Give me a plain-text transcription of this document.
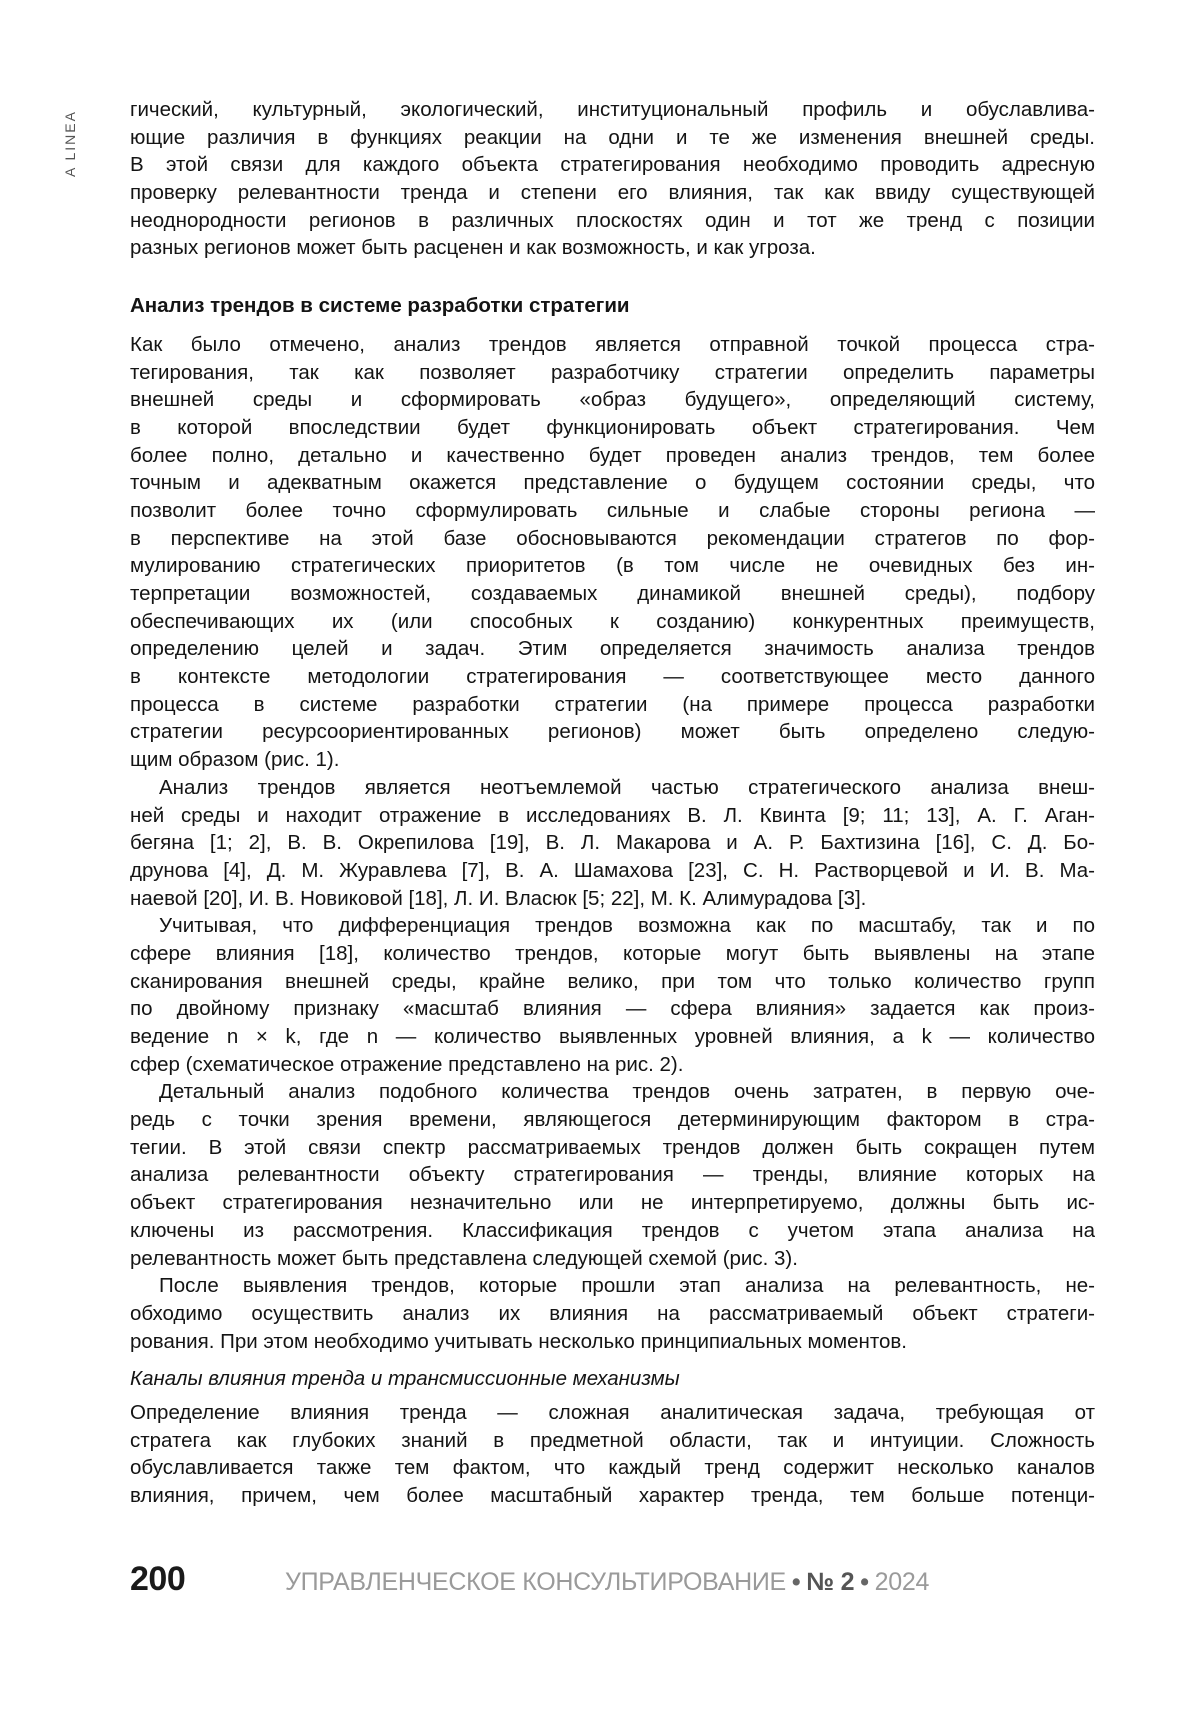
A LINEA
гический, культурный, экологический, институциональный профиль и обуславлива-
ющие различия в функциях реакции на одни и те же изменения внешней среды.
В этой связи для каждого объекта стратегирования необходимо проводить адресную
проверку релевантности тренда и степени его влияния, так как ввиду существующей
неоднородности регионов в различных плоскостях один и тот же тренд с позиции
разных регионов может быть расценен и как возможность, и как угроза.
Анализ трендов в системе разработки стратегии
Как было отмечено, анализ трендов является отправной точкой процесса стра-
тегирования, так как позволяет разработчику стратегии определить параметры
внешней среды и сформировать «образ будущего», определяющий систему,
в которой впоследствии будет функционировать объект стратегирования. Чем
более полно, детально и качественно будет проведен анализ трендов, тем более
точным и адекватным окажется представление о будущем состоянии среды, что
позволит более точно сформулировать сильные и слабые стороны региона —
в перспективе на этой базе обосновываются рекомендации стратегов по фор-
мулированию стратегических приоритетов (в том числе не очевидных без ин-
терпретации возможностей, создаваемых динамикой внешней среды), подбору
обеспечивающих их (или способных к созданию) конкурентных преимуществ,
определению целей и задач. Этим определяется значимость анализа трендов
в контексте методологии стратегирования — соответствующее место данного
процесса в системе разработки стратегии (на примере процесса разработки
стратегии ресурсоориентированных регионов) может быть определено следую-
щим образом (рис. 1).
Анализ трендов является неотъемлемой частью стратегического анализа внеш-
ней среды и находит отражение в исследованиях В. Л. Квинта [9; 11; 13], А. Г. Аган-
бегяна [1; 2], В. В. Окрепилова [19], В. Л. Макарова и А. Р. Бахтизина [16], С. Д. Бо-
друнова [4], Д. М. Журавлева [7], В. А. Шамахова [23], С. Н. Растворцевой и И. В. Ма-
наевой [20], И. В. Новиковой [18], Л. И. Власюк [5; 22], М. К. Алимурадова [3].
Учитывая, что дифференциация трендов возможна как по масштабу, так и по
сфере влияния [18], количество трендов, которые могут быть выявлены на этапе
сканирования внешней среды, крайне велико, при том что только количество групп
по двойному признаку «масштаб влияния — сфера влияния» задается как произ-
ведение n × k, где n — количество выявленных уровней влияния, а k — количество
сфер (схематическое отражение представлено на рис. 2).
Детальный анализ подобного количества трендов очень затратен, в первую оче-
редь с точки зрения времени, являющегося детерминирующим фактором в стра-
тегии. В этой связи спектр рассматриваемых трендов должен быть сокращен путем
анализа релевантности объекту стратегирования — тренды, влияние которых на
объект стратегирования незначительно или не интерпретируемо, должны быть ис-
ключены из рассмотрения. Классификация трендов с учетом этапа анализа на
релевантность может быть представлена следующей схемой (рис. 3).
После выявления трендов, которые прошли этап анализа на релевантность, не-
обходимо осуществить анализ их влияния на рассматриваемый объект стратеги-
рования. При этом необходимо учитывать несколько принципиальных моментов.
Каналы влияния тренда и трансмиссионные механизмы
Определение влияния тренда — сложная аналитическая задача, требующая от
стратега как глубоких знаний в предметной области, так и интуиции. Сложность
обуславливается также тем фактом, что каждый тренд содержит несколько каналов
влияния, причем, чем более масштабный характер тренда, тем больше потенци-
200	УПРАВЛЕНЧЕСКОЕ КОНСУЛЬТИРОВАНИЕ • № 2 • 2024
